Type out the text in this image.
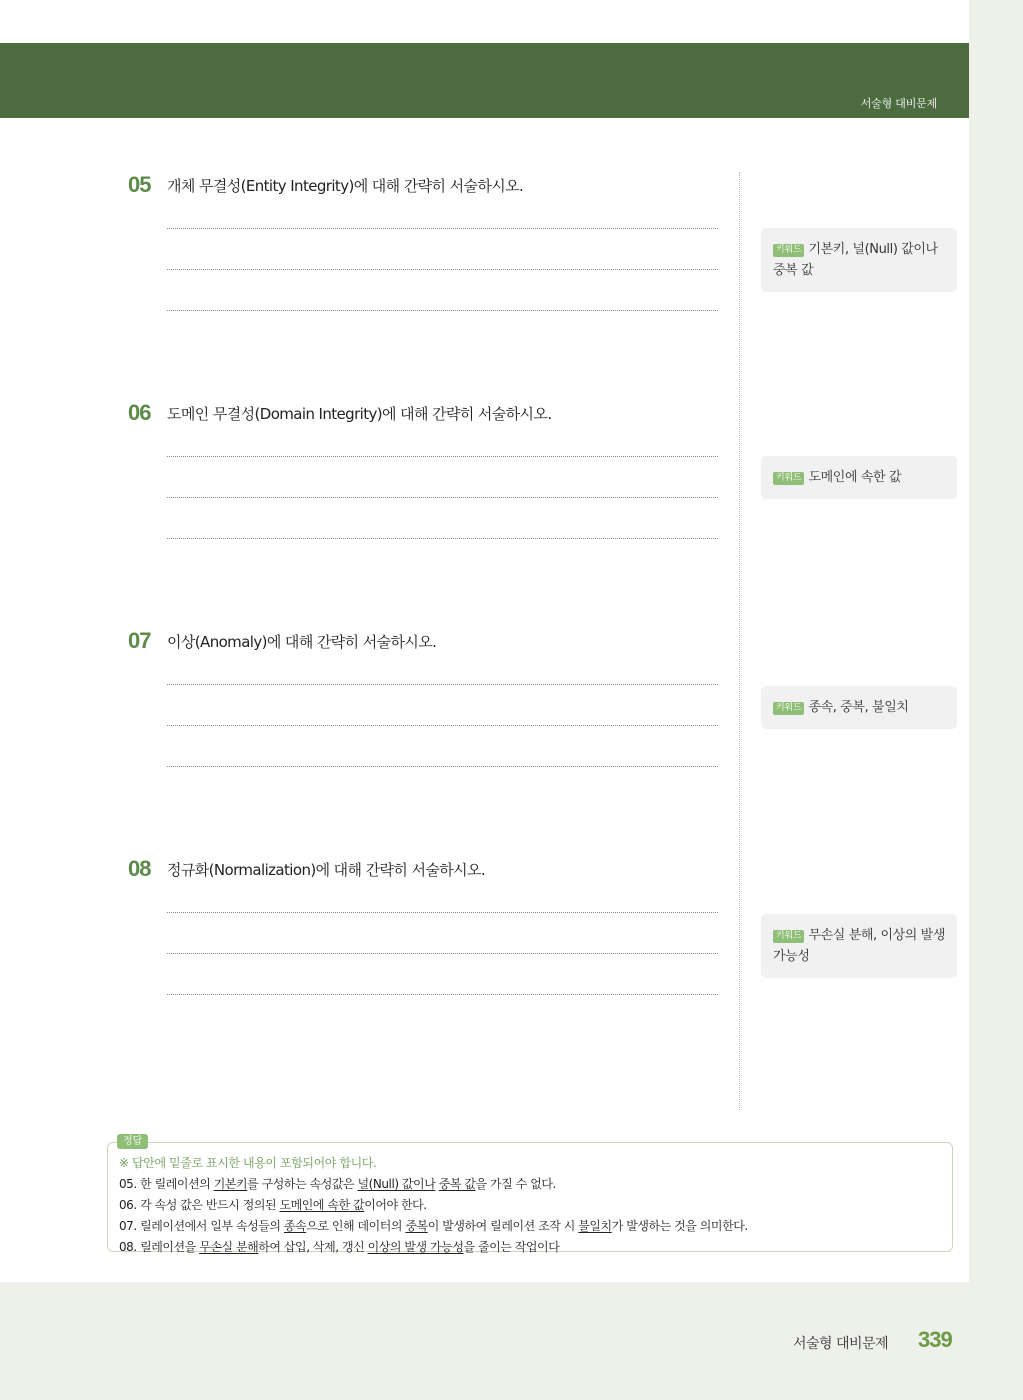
서술형 대비문제
05 개체 무결성(Entity Integrity)에 대해 간략히 서술하시오.
키워드 기본키, 널(Null) 값이나 중복 값
06 도메인 무결성(Domain Integrity)에 대해 간략히 서술하시오.
키워드 도메인에 속한 값
07 이상(Anomaly)에 대해 간략히 서술하시오.
키워드 종속, 중복, 불일치
08 정규화(Normalization)에 대해 간략히 서술하시오.
키워드 무손실 분해, 이상의 발생 가능성
※ 답안에 밑줄로 표시한 내용이 포함되어야 합니다.
05. 한 릴레이션의 기본키를 구성하는 속성값은 널(Null) 값이나 중복 값을 가질 수 없다.
06. 각 속성 값은 반드시 정의된 도메인에 속한 값이어야 한다.
07. 릴레이션에서 일부 속성들의 종속으로 인해 데이터의 중복이 발생하여 릴레이션 조작 시 불일치가 발생하는 것을 의미한다.
08. 릴레이션을 무손실 분해하여 삽입, 삭제, 갱신 이상의 발생 가능성을 줄이는 작업이다
정답
서술형 대비문제 339
